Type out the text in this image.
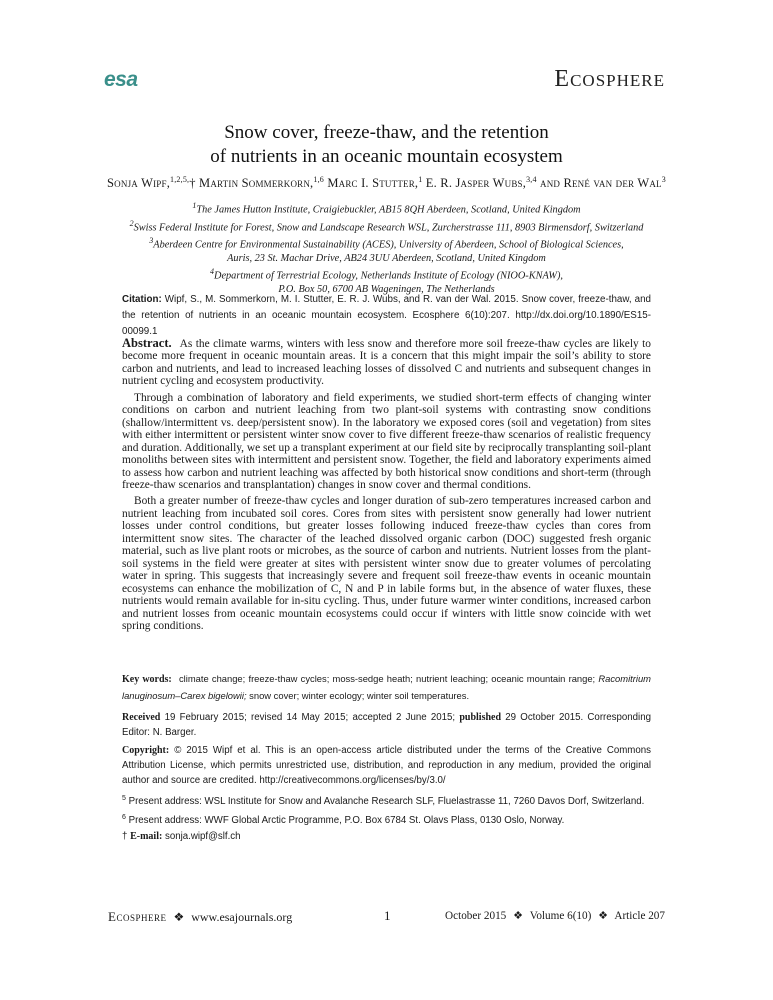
esa	Ecosphere
Snow cover, freeze-thaw, and the retention
of nutrients in an oceanic mountain ecosystem
Sonja Wipf,$^{1,2,5,}$† Martin Sommerkorn,$^{1,6}$ Marc I. Stutter,$^1$ E. R. Jasper Wubs,$^{3,4}$ and René van der Wal$^3$
$^1$The James Hutton Institute, Craigiebuckler, AB15 8QH Aberdeen, Scotland, United Kingdom
$^2$Swiss Federal Institute for Forest, Snow and Landscape Research WSL, Zurcherstrasse 111, 8903 Birmensdorf, Switzerland
$^3$Aberdeen Centre for Environmental Sustainability (ACES), University of Aberdeen, School of Biological Sciences,
Auris, 23 St. Machar Drive, AB24 3UU Aberdeen, Scotland, United Kingdom
$^4$Department of Terrestrial Ecology, Netherlands Institute of Ecology (NIOO-KNAW),
P.O. Box 50, 6700 AB Wageningen, The Netherlands
Citation: Wipf, S., M. Sommerkorn, M. I. Stutter, E. R. J. Wubs, and R. van der Wal. 2015. Snow cover, freeze-thaw, and the retention of nutrients in an oceanic mountain ecosystem. Ecosphere 6(10):207. http://dx.doi.org/10.1890/ES15-00099.1

Abstract. As the climate warms, winters with less snow and therefore more soil freeze-thaw cycles are likely to become more frequent in oceanic mountain areas. It is a concern that this might impair the soil’s ability to store carbon and nutrients, and lead to increased leaching losses of dissolved C and nutrients and subsequent changes in nutrient cycling and ecosystem productivity.

Through a combination of laboratory and field experiments, we studied short-term effects of changing winter conditions on carbon and nutrient leaching from two plant-soil systems with contrasting snow conditions (shallow/intermittent vs. deep/persistent snow). In the laboratory we exposed cores (soil and vegetation) from sites with either intermittent or persistent winter snow cover to five different freeze-thaw scenarios of realistic frequency and duration. Additionally, we set up a transplant experiment at our field site by reciprocally transplanting soil-plant monoliths between sites with intermittent and persistent snow. Together, the field and laboratory experiments aimed to assess how carbon and nutrient leaching was affected by both historical snow conditions and short-term (through freeze-thaw scenarios and transplantation) changes in snow cover and thermal conditions.

Both a greater number of freeze-thaw cycles and longer duration of sub-zero temperatures increased carbon and nutrient leaching from incubated soil cores. Cores from sites with persistent snow generally had lower nutrient losses under control conditions, but greater losses following induced freeze-thaw cycles than cores from intermittent snow sites. The character of the leached dissolved organic carbon (DOC) suggested fresh organic material, such as live plant roots or microbes, as the source of carbon and nutrients. Nutrient losses from the plant-soil systems in the field were greater at sites with persistent winter snow due to greater volumes of percolating water in spring. This suggests that increasingly severe and frequent soil freeze-thaw events in oceanic mountain ecosystems can enhance the mobilization of C, N and P in labile forms but, in the absence of water fluxes, these nutrients would remain available for in-situ cycling. Thus, under future warmer winter conditions, increased carbon and nutrient losses from oceanic mountain ecosystems could occur if winters with little snow coincide with wet spring conditions.

Key words: climate change; freeze-thaw cycles; moss-sedge heath; nutrient leaching; oceanic mountain range; Racomitrium lanuginosum–Carex bigelowii; snow cover; winter ecology; winter soil temperatures.

Received 19 February 2015; revised 14 May 2015; accepted 2 June 2015; published 29 October 2015. Corresponding Editor: N. Barger.

Copyright: © 2015 Wipf et al. This is an open-access article distributed under the terms of the Creative Commons Attribution License, which permits unrestricted use, distribution, and reproduction in any medium, provided the original author and source are credited. http://creativecommons.org/licenses/by/3.0/

$^5$ Present address: WSL Institute for Snow and Avalanche Research SLF, Fluelastrasse 11, 7260 Davos Dorf, Switzerland.

$^6$ Present address: WWF Global Arctic Programme, P.O. Box 6784 St. Olavs Plass, 0130 Oslo, Norway.

† E-mail: sonja.wipf@slf.ch

Ecosphere ❖ www.esajournals.org	1	October 2015 ❖ Volume 6(10) ❖ Article 207
